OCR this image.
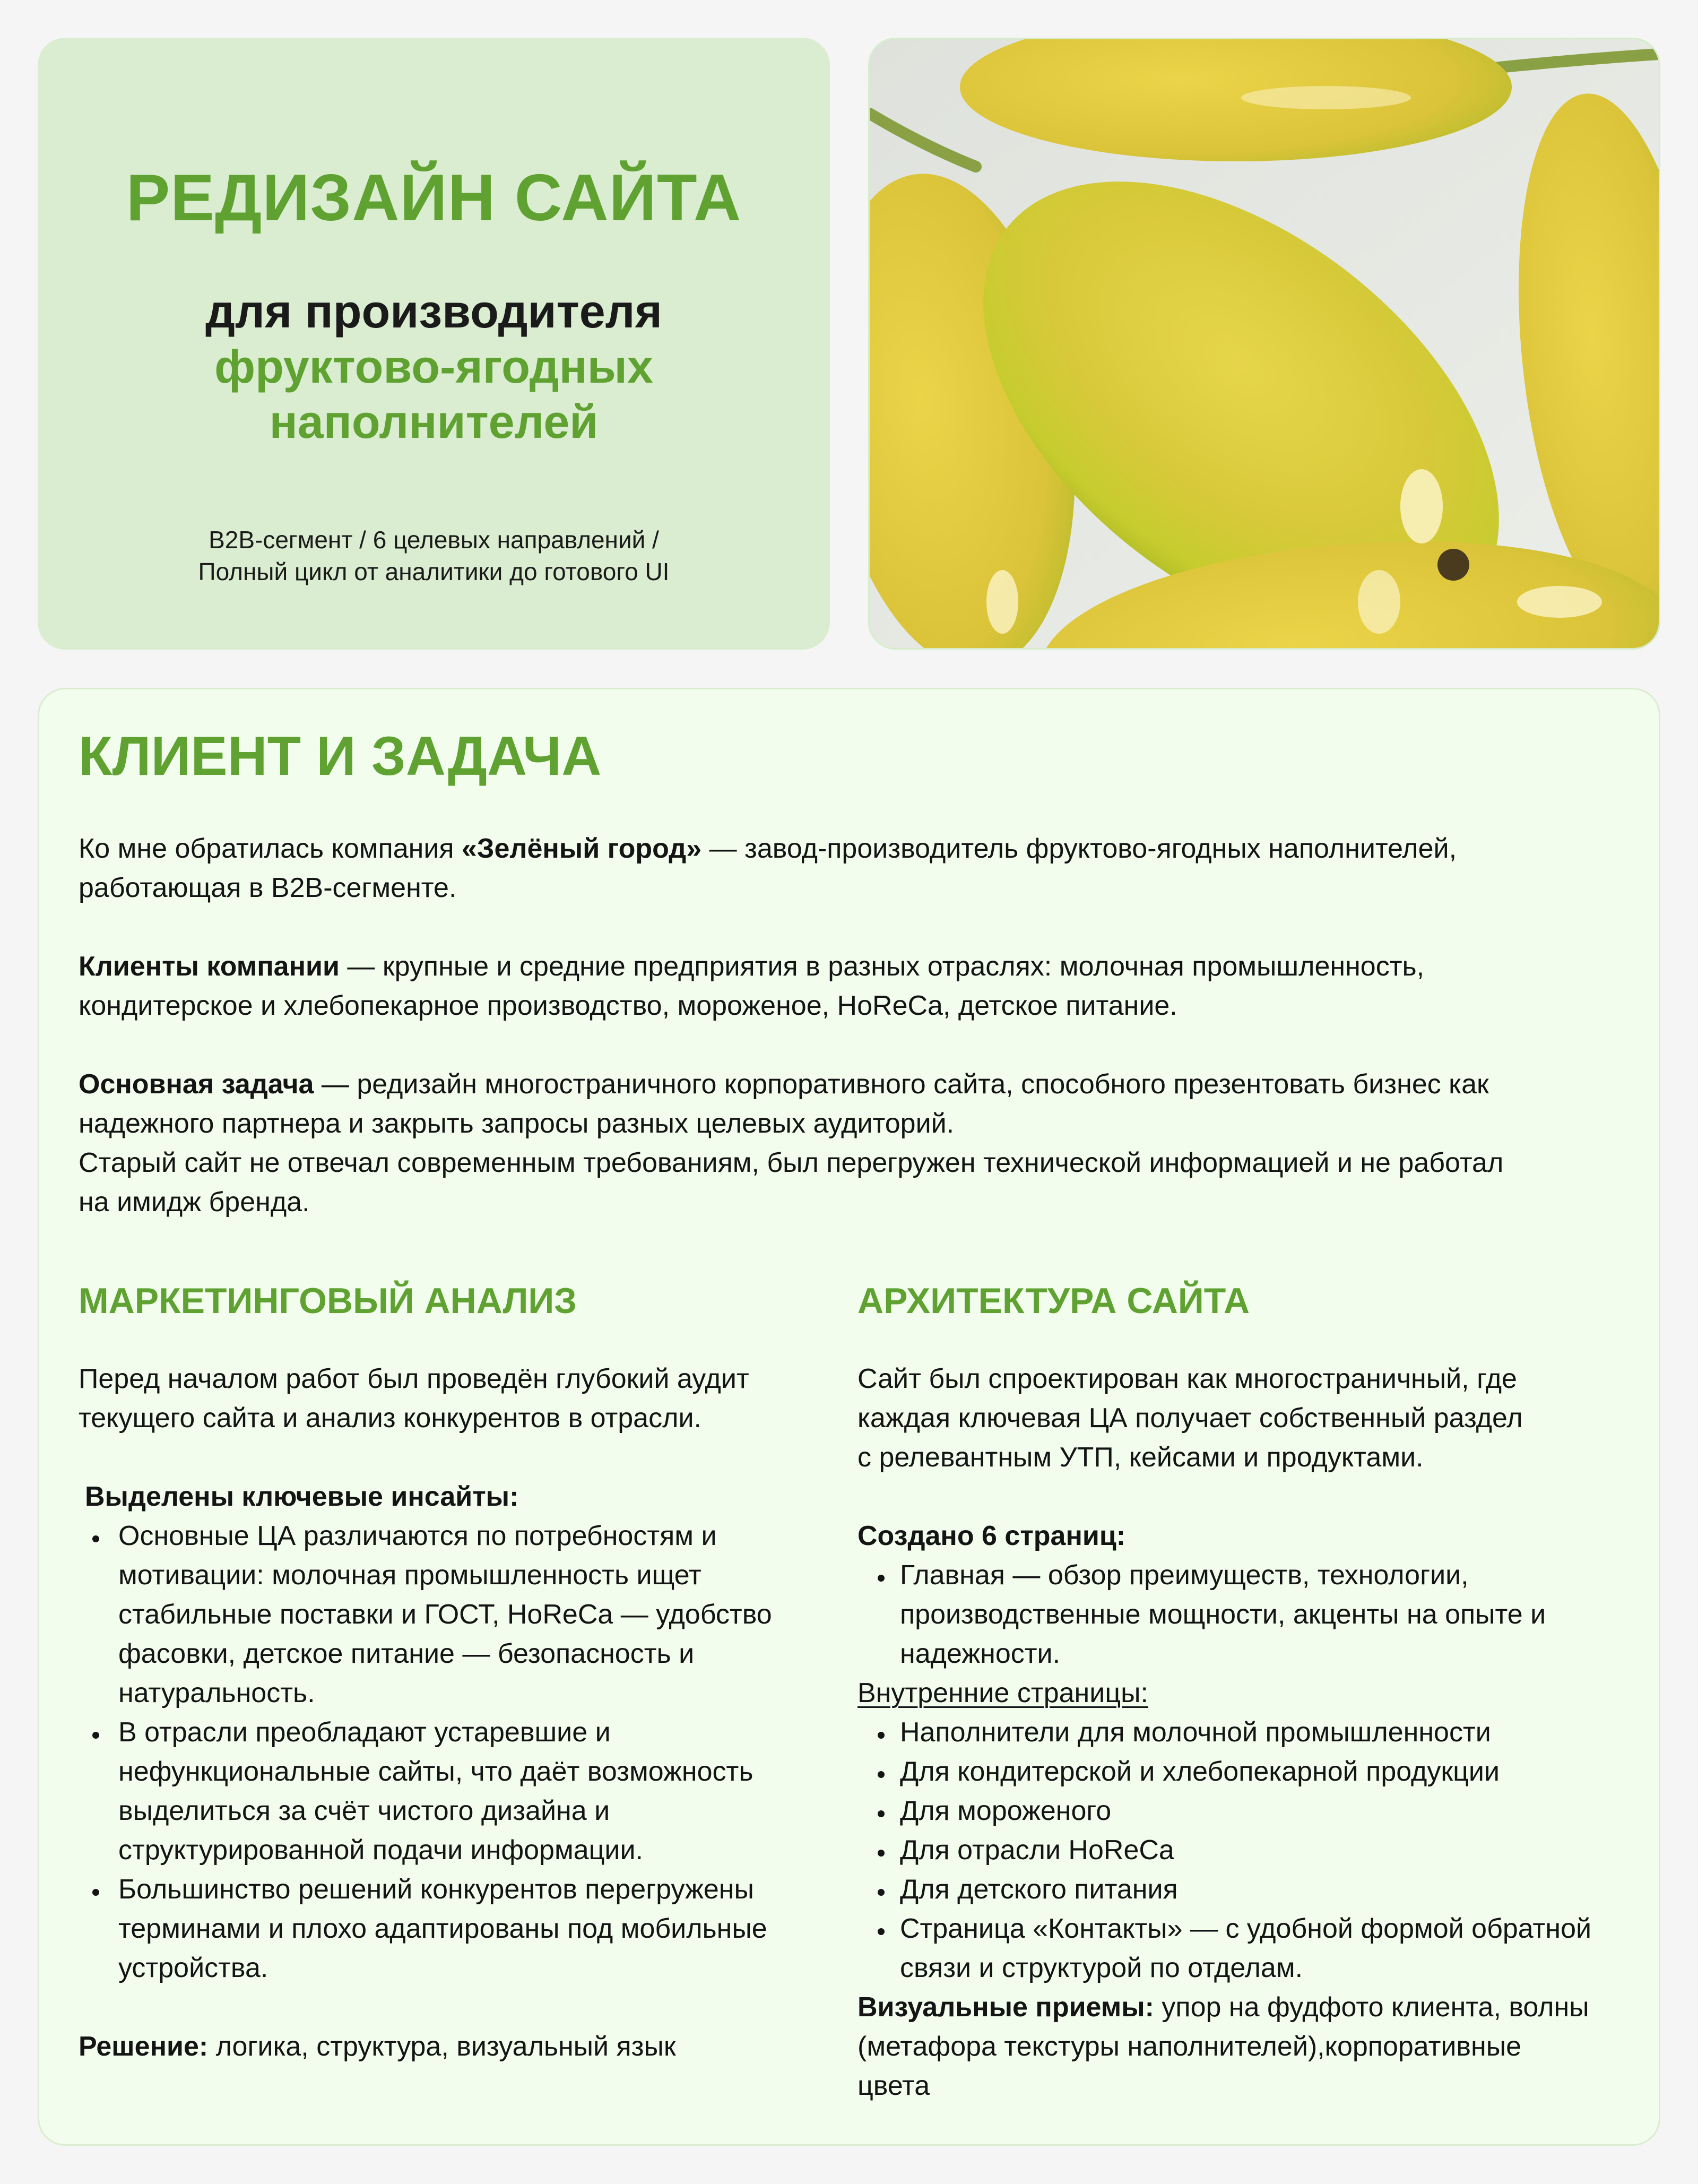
РЕДИЗАЙН САЙТА
для производителя
фруктово-ягодных
наполнителей
B2B-сегмент / 6 целевых направлений /
Полный цикл от аналитики до готового UI
КЛИЕНТ И ЗАДАЧА
Ко мне обратилась компания «Зелёный город» — завод-производитель фруктово-ягодных наполнителей,
работающая в B2B-сегменте.
Клиенты компании — крупные и средние предприятия в разных отраслях: молочная промышленность,
кондитерское и хлебопекарное производство, мороженое, HoReCa, детское питание.
Основная задача — редизайн многостраничного корпоративного сайта, способного презентовать бизнес как
надежного партнера и закрыть запросы разных целевых аудиторий.
Старый сайт не отвечал современным требованиям, был перегружен технической информацией и не работал
на имидж бренда.
МАРКЕТИНГОВЫЙ АНАЛИЗ
Перед началом работ был проведён глубокий аудит
текущего сайта и анализ конкурентов в отрасли.
Выделены ключевые инсайты:
Основные ЦА различаются по потребностям и
мотивации: молочная промышленность ищет
стабильные поставки и ГОСТ, HoReCa — удобство
фасовки, детское питание — безопасность и
натуральность.
В отрасли преобладают устаревшие и
нефункциональные сайты, что даёт возможность
выделиться за счёт чистого дизайна и
структурированной подачи информации.
Большинство решений конкурентов перегружены
терминами и плохо адаптированы под мобильные
устройства.
Решение: логика, структура, визуальный язык
АРХИТЕКТУРА САЙТА
Сайт был спроектирован как многостраничный, где
каждая ключевая ЦА получает собственный раздел
с релевантным УТП, кейсами и продуктами.
Создано 6 страниц:
Главная — обзор преимуществ, технологии,
производственные мощности, акценты на опыте и
надежности.
Внутренние страницы:
Наполнители для молочной промышленности
Для кондитерской и хлебопекарной продукции
Для мороженого
Для отрасли HoReCa
Для детского питания
Страница «Контакты» — с удобной формой обратной
связи и структурой по отделам.
Визуальные приемы: упор на фудфото клиента, волны
(метафора текстуры наполнителей),корпоративные
цвета
